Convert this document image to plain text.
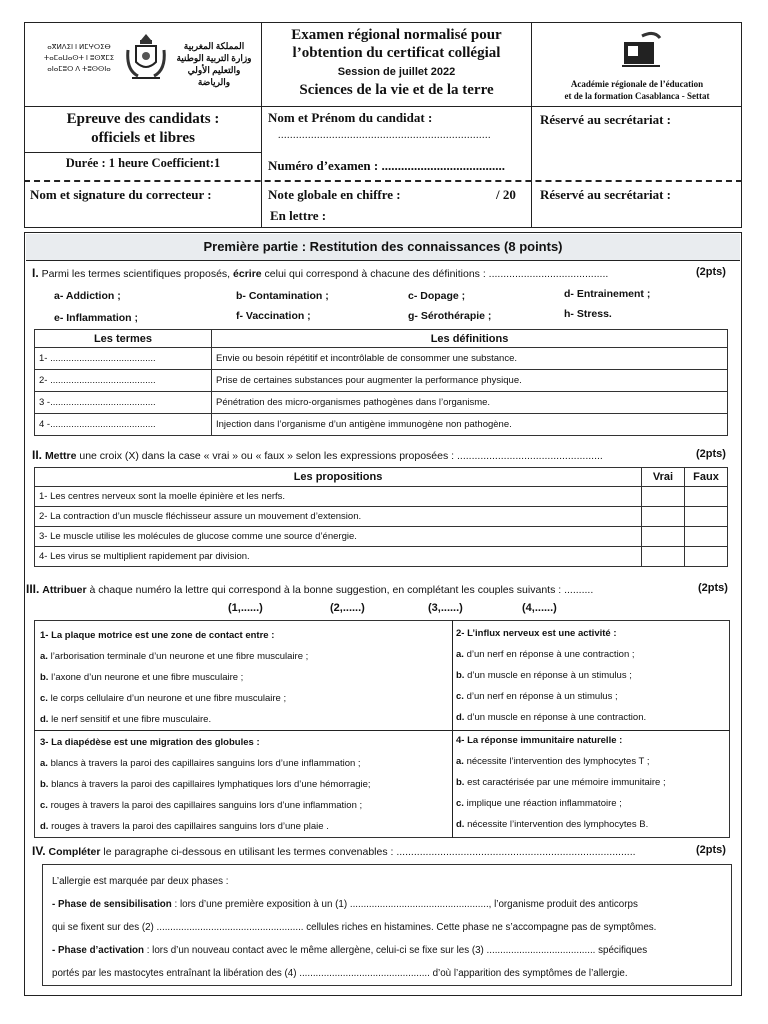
ⴰⴳⵍⴷⵉⵏ ⵏ ⵍⵎⵖⵔⵉⴱ
ⵜⴰⵎⴰⵡⴰⵙⵜ ⵏ ⵓⵙⴳⵎⵉ
ⴰⵏⴰⵎⵓⵔ ⴷ ⵜⵓⵙⵙⵏⴰ
المملكة المغربية
وزارة التربية الوطنية
والتعليم الأولي والرياضة
Examen régional normalisé pour
l’obtention du certificat collégial
Session de juillet 2022
Sciences de la vie et de la terre	Académie régionale de l’éducation
et de la formation Casablanca - Settat
Epreuve des candidats :
officiels et libres
Durée : 1 heure Coefficient:1
Nom et Prénom du candidat :
.......................................................................
Numéro d’examen : ......................................
Réservé au secrétariat :
Nom et signature du correcteur :	Note globale en chiffre :	/ 20
En lettre :
Réservé au secrétariat :
Première partie : Restitution des connaissances (8 points)
I. Parmi les termes scientifiques proposés, écrire celui qui correspond à chacune des définitions : .........................................	(2pts)
a- Addiction ;	b- Contamination ;	c- Dopage ;	d- Entrainement ;
e- Inflammation ;	f- Vaccination ;	g- Sérothérapie ;	h- Stress.
Les termes	Les définitions
1- ........................................	Envie ou besoin répétitif et incontrôlable de consommer une substance.
2- ........................................	Prise de certaines substances pour augmenter la performance physique.
3 -........................................	Pénétration des micro-organismes pathogènes dans l’organisme.
4 -........................................	Injection dans l’organisme d’un antigène immunogène non pathogène.
II. Mettre une croix (X) dans la case « vrai » ou « faux » selon les expressions proposées : ..................................................	(2pts)
Les propositions	Vrai	Faux
1- Les centres nerveux sont la moelle épinière et les nerfs.		
2- La contraction d’un muscle fléchisseur assure un mouvement d’extension.		
3- Le muscle utilise les molécules de glucose comme une source d’énergie.		
4- Les virus se multiplient rapidement par division.		
III. Attribuer à chaque numéro la lettre qui correspond à la bonne suggestion, en complétant les couples suivants : ..........	(2pts)
(1,......)	(2,......)	(3,......)	(4,......)
1- La plaque motrice est une zone de contact entre :
a. l’arborisation terminale d’un neurone et une fibre musculaire ;
b. l’axone d’un neurone et une fibre musculaire ;
c. le corps cellulaire d’un neurone et une fibre musculaire ;
d. le nerf sensitif et une fibre musculaire.
2- L’influx nerveux est une activité :
a. d’un nerf en réponse à une contraction ;
b. d’un muscle en réponse à un stimulus ;
c. d’un nerf en réponse à un stimulus ;
d. d’un muscle en réponse à une contraction.
3- La diapédèse est une migration des globules :
a. blancs à travers la paroi des capillaires sanguins lors d’une inflammation ;
b. blancs à travers la paroi des capillaires lymphatiques lors d’une hémorragie;
c. rouges à travers la paroi des capillaires sanguins lors d’une inflammation ;
d. rouges à travers la paroi des capillaires sanguins lors d’une plaie .
4- La réponse immunitaire naturelle :
a. nécessite l’intervention des lymphocytes T ;
b. est caractérisée par une mémoire immunitaire ;
c. implique une réaction inflammatoire ;
d. nécessite l’intervention des lymphocytes B.
IV. Compléter le paragraphe ci-dessous en utilisant les termes convenables : ..................................................................................	(2pts)
L’allergie est marquée par deux phases :
- Phase de sensibilisation : lors d’une première exposition à un (1) ..................................................., l’organisme produit des anticorps
qui se fixent sur des (2) ...................................................... cellules riches en histamines. Cette phase ne s’accompagne pas de symptômes.
- Phase d’activation : lors d’un nouveau contact avec le même allergène, celui-ci se fixe sur les (3) ........................................ spécifiques
portés par les mastocytes entraînant la libération des (4) ................................................ d’où l’apparition des symptômes de l’allergie.
